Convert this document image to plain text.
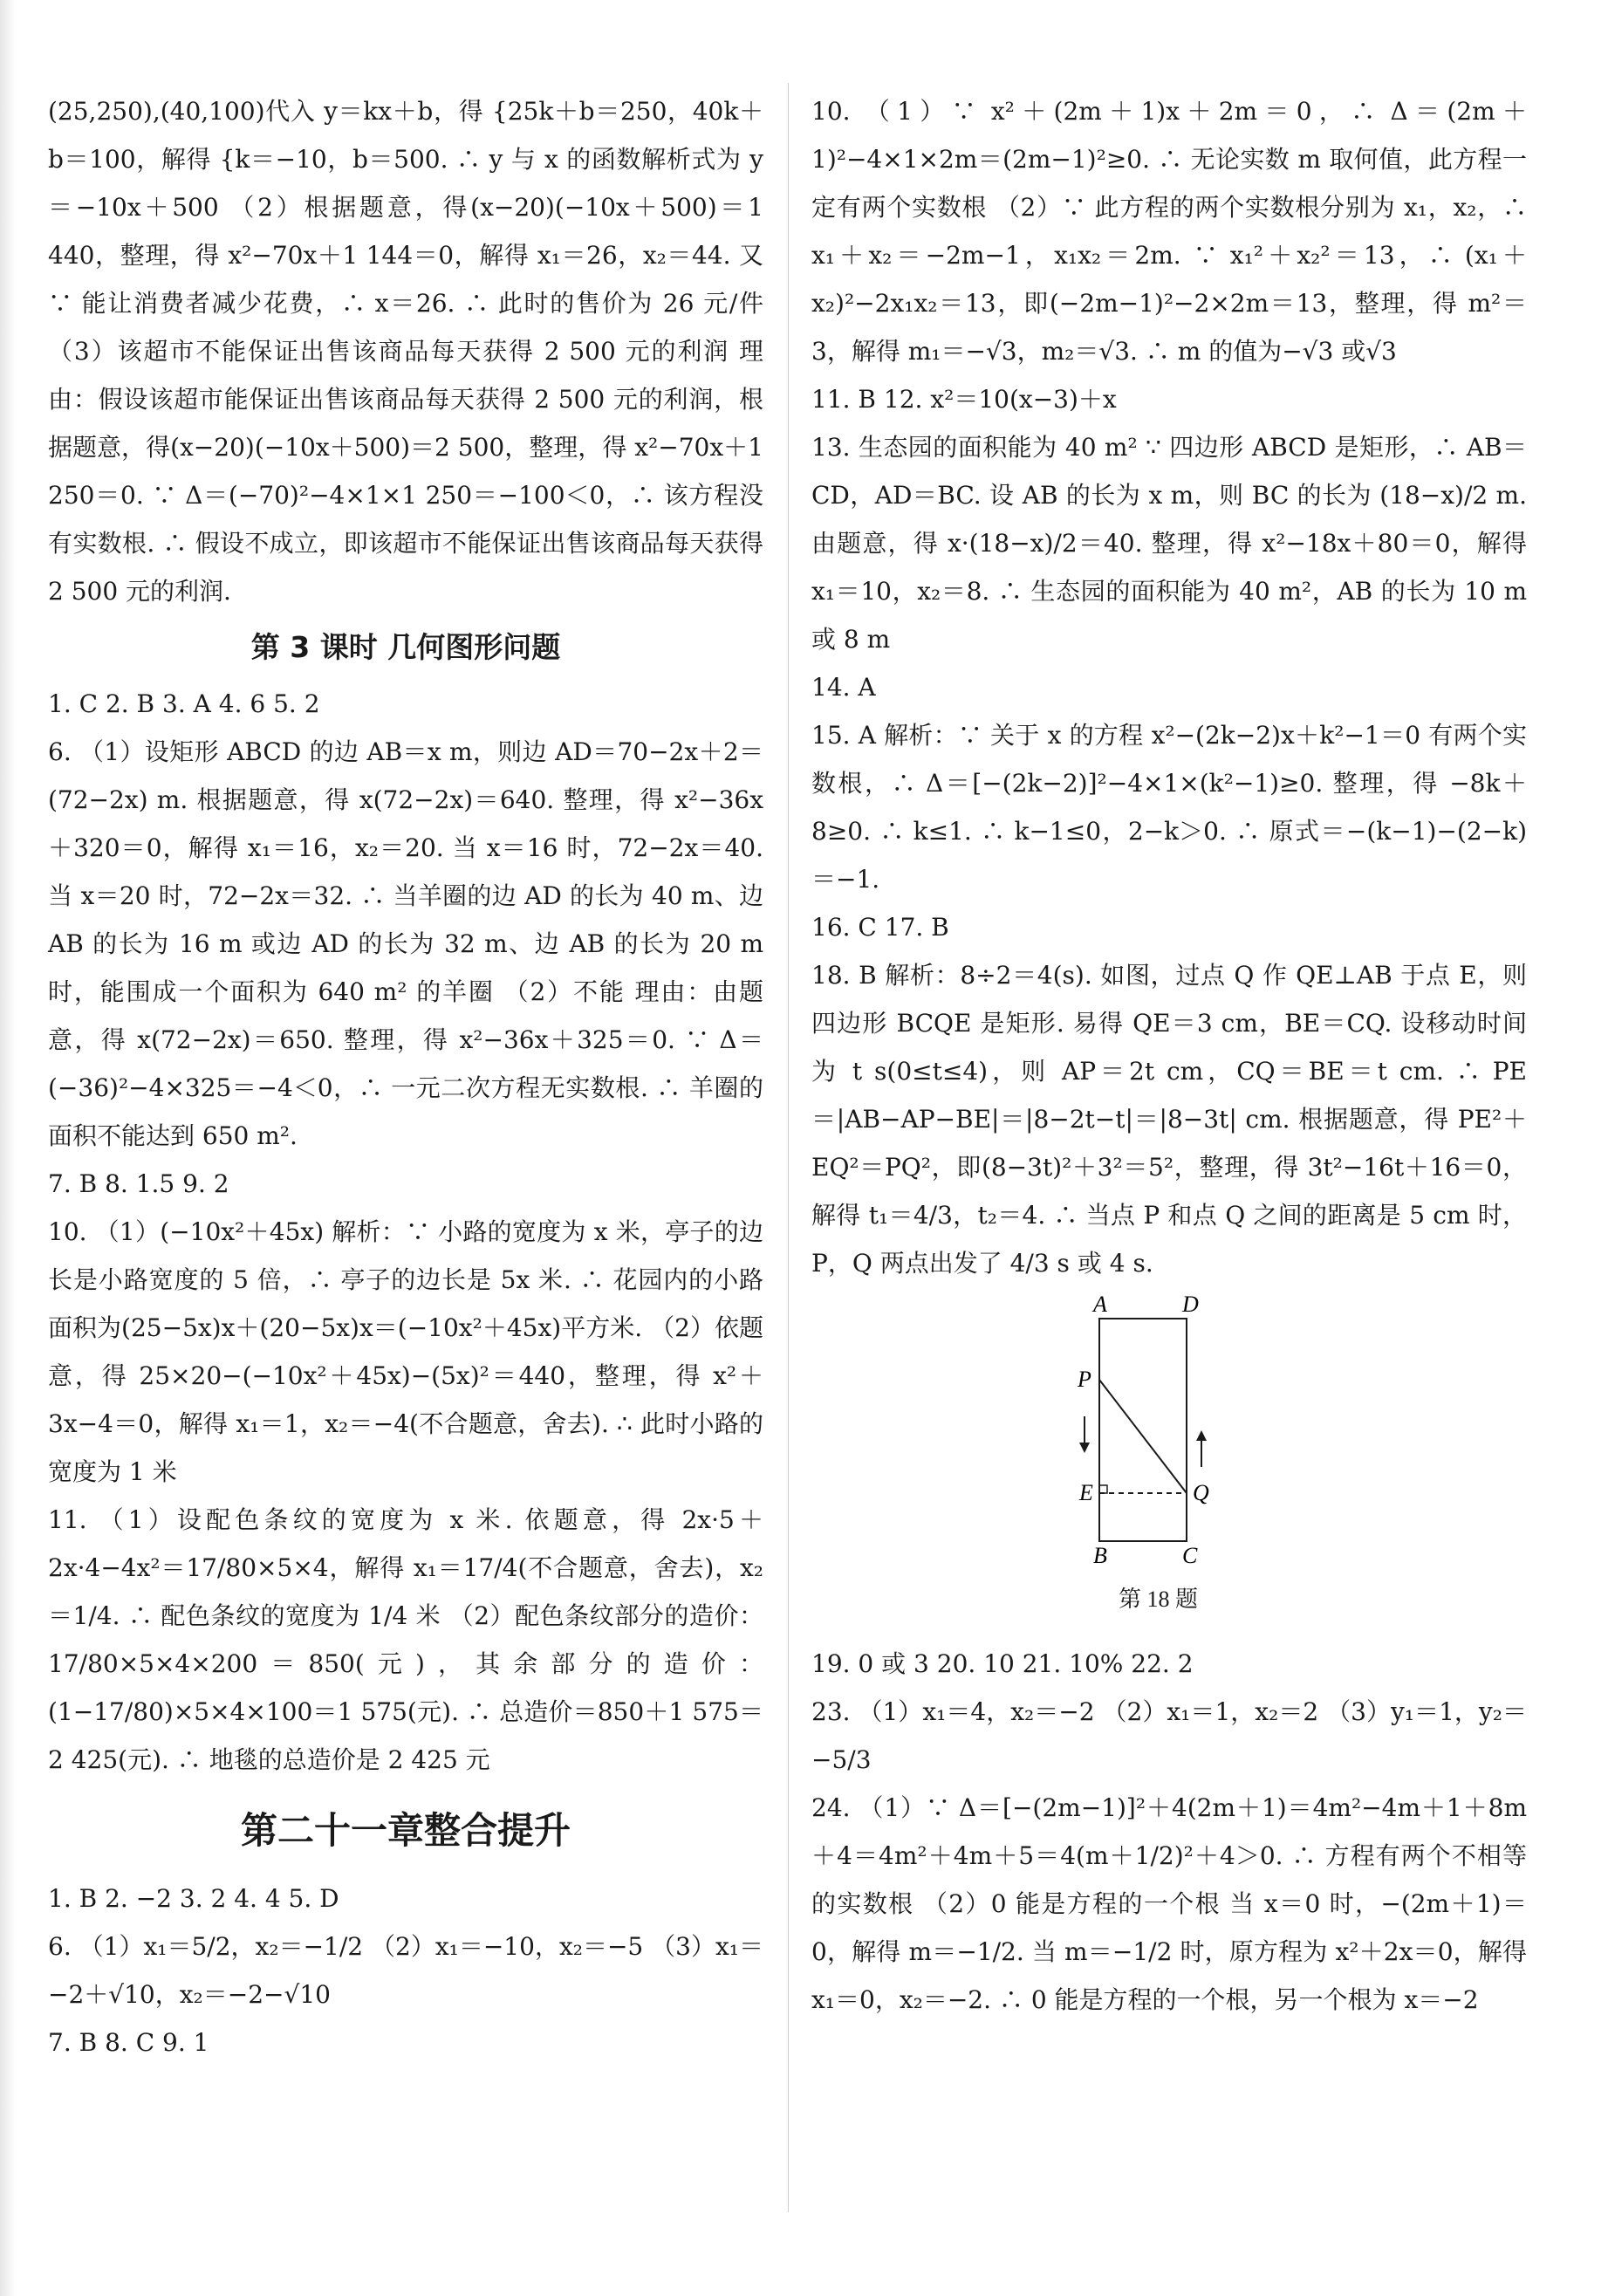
(25,250),(40,100)代入 y＝kx＋b，得 {25k＋b＝250，40k＋b＝100，解得 {k＝−10，b＝500. ∴ y 与 x 的函数解析式为 y＝−10x＋500 （2）根据题意，得(x−20)(−10x＋500)＝1 440，整理，得 x²−70x＋1 144＝0，解得 x₁＝26，x₂＝44. 又∵ 能让消费者减少花费，∴ x＝26. ∴ 此时的售价为 26 元/件 （3）该超市不能保证出售该商品每天获得 2 500 元的利润 理由：假设该超市能保证出售该商品每天获得 2 500 元的利润，根据题意，得(x−20)(−10x＋500)＝2 500，整理，得 x²−70x＋1 250＝0. ∵ Δ＝(−70)²−4×1×1 250＝−100＜0，∴ 该方程没有实数根. ∴ 假设不成立，即该超市不能保证出售该商品每天获得 2 500 元的利润.

第 3 课时 几何图形问题

1. C 2. B 3. A 4. 6 5. 2

6. （1）设矩形 ABCD 的边 AB＝x m，则边 AD＝70−2x＋2＝(72−2x) m. 根据题意，得 x(72−2x)＝640. 整理，得 x²−36x＋320＝0，解得 x₁＝16，x₂＝20. 当 x＝16 时，72−2x＝40. 当 x＝20 时，72−2x＝32. ∴ 当羊圈的边 AD 的长为 40 m、边 AB 的长为 16 m 或边 AD 的长为 32 m、边 AB 的长为 20 m 时，能围成一个面积为 640 m² 的羊圈 （2）不能 理由：由题意，得 x(72−2x)＝650. 整理，得 x²−36x＋325＝0. ∵ Δ＝(−36)²−4×325＝−4＜0，∴ 一元二次方程无实数根. ∴ 羊圈的面积不能达到 650 m².

7. B 8. 1.5 9. 2

10. （1）(−10x²＋45x) 解析：∵ 小路的宽度为 x 米，亭子的边长是小路宽度的 5 倍，∴ 亭子的边长是 5x 米. ∴ 花园内的小路面积为(25−5x)x＋(20−5x)x＝(−10x²＋45x)平方米. （2）依题意，得 25×20−(−10x²＋45x)−(5x)²＝440，整理，得 x²＋3x−4＝0，解得 x₁＝1，x₂＝−4(不合题意，舍去). ∴ 此时小路的宽度为 1 米

11. （1）设配色条纹的宽度为 x 米. 依题意，得 2x·5＋2x·4−4x²＝17/80×5×4，解得 x₁＝17/4(不合题意，舍去)，x₂＝1/4. ∴ 配色条纹的宽度为 1/4 米 （2）配色条纹部分的造价：17/80×5×4×200＝850(元)，其余部分的造价：(1−17/80)×5×4×100＝1 575(元). ∴ 总造价＝850＋1 575＝2 425(元). ∴ 地毯的总造价是 2 425 元

第二十一章整合提升

1. B 2. −2 3. 2 4. 4 5. D

6. （1）x₁＝5/2，x₂＝−1/2 （2）x₁＝−10，x₂＝−5 （3）x₁＝−2＋√10，x₂＝−2−√10

7. B 8. C 9. 1

10. （1）∵ x²＋(2m＋1)x＋2m＝0，∴ Δ＝(2m＋1)²−4×1×2m＝(2m−1)²≥0. ∴ 无论实数 m 取何值，此方程一定有两个实数根 （2）∵ 此方程的两个实数根分别为 x₁，x₂，∴ x₁＋x₂＝−2m−1，x₁x₂＝2m. ∵ x₁²＋x₂²＝13，∴ (x₁＋x₂)²−2x₁x₂＝13，即(−2m−1)²−2×2m＝13，整理，得 m²＝3，解得 m₁＝−√3，m₂＝√3. ∴ m 的值为−√3 或√3

11. B 12. x²＝10(x−3)＋x

13. 生态园的面积能为 40 m² ∵ 四边形 ABCD 是矩形，∴ AB＝CD，AD＝BC. 设 AB 的长为 x m，则 BC 的长为 (18−x)/2 m. 由题意，得 x·(18−x)/2＝40. 整理，得 x²−18x＋80＝0，解得 x₁＝10，x₂＝8. ∴ 生态园的面积能为 40 m²，AB 的长为 10 m 或 8 m

14. A

15. A 解析：∵ 关于 x 的方程 x²−(2k−2)x＋k²−1＝0 有两个实数根，∴ Δ＝[−(2k−2)]²−4×1×(k²−1)≥0. 整理，得 −8k＋8≥0. ∴ k≤1. ∴ k−1≤0，2−k＞0. ∴ 原式＝−(k−1)−(2−k)＝−1.

16. C 17. B

18. B 解析：8÷2＝4(s). 如图，过点 Q 作 QE⊥AB 于点 E，则四边形 BCQE 是矩形. 易得 QE＝3 cm，BE＝CQ. 设移动时间为 t s(0≤t≤4)，则 AP＝2t cm，CQ＝BE＝t cm. ∴ PE＝|AB−AP−BE|＝|8−2t−t|＝|8−3t| cm. 根据题意，得 PE²＋EQ²＝PQ²，即(8−3t)²＋3²＝5²，整理，得 3t²−16t＋16＝0，解得 t₁＝4/3，t₂＝4. ∴ 当点 P 和点 Q 之间的距离是 5 cm 时，P，Q 两点出发了 4/3 s 或 4 s.

A	D
P
E	Q
B	C
第 18 题

19. 0 或 3 20. 10 21. 10% 22. 2

23. （1）x₁＝4，x₂＝−2 （2）x₁＝1，x₂＝2 （3）y₁＝1，y₂＝−5/3

24. （1）∵ Δ＝[−(2m−1)]²＋4(2m＋1)＝4m²−4m＋1＋8m＋4＝4m²＋4m＋5＝4(m＋1/2)²＋4＞0. ∴ 方程有两个不相等的实数根 （2）0 能是方程的一个根 当 x＝0 时，−(2m＋1)＝0，解得 m＝−1/2. 当 m＝−1/2 时，原方程为 x²＋2x＝0，解得 x₁＝0，x₂＝−2. ∴ 0 能是方程的一个根，另一个根为 x＝−2
